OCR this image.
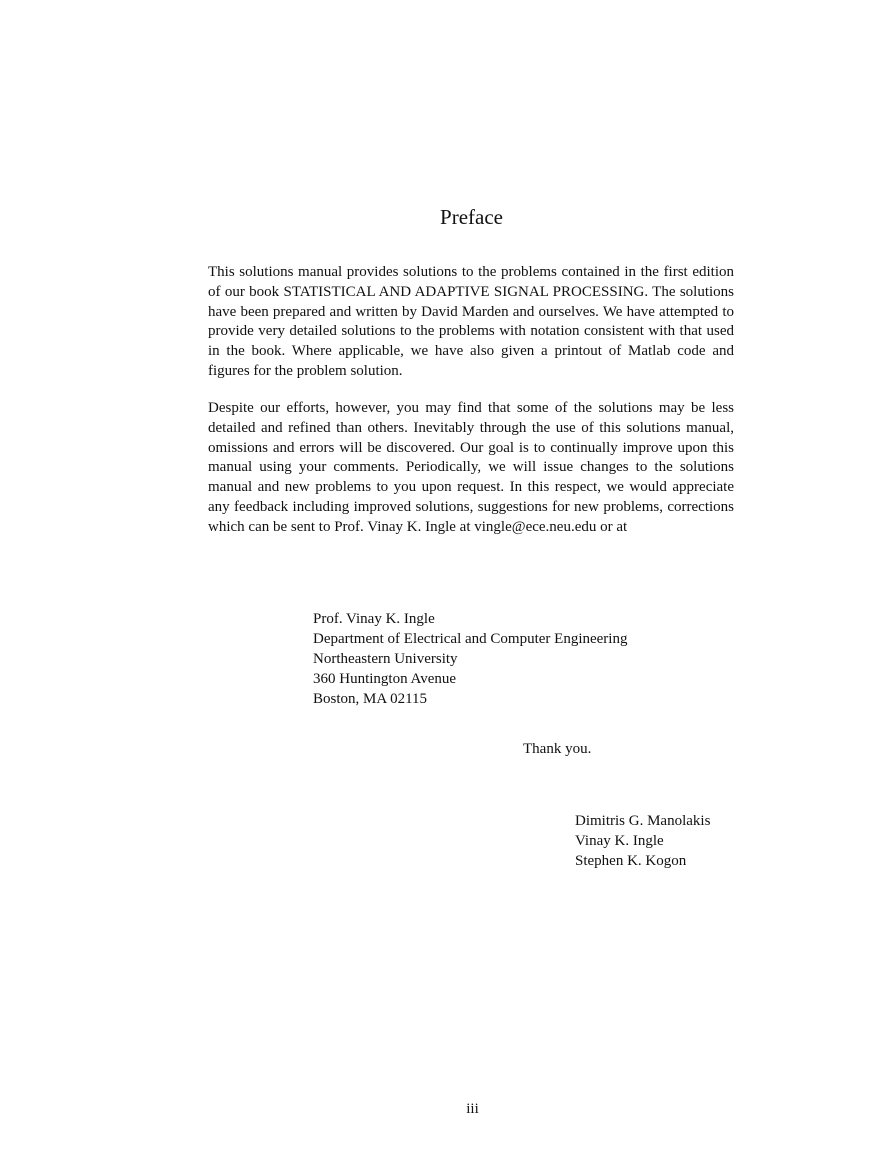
Preface

This solutions manual provides solutions to the problems contained in the first edition of our book STATISTICAL AND ADAPTIVE SIGNAL PROCESSING. The solutions have been prepared and written by David Marden and ourselves. We have attempted to provide very detailed solutions to the problems with notation consistent with that used in the book. Where applicable, we have also given a printout of Matlab code and figures for the problem solution.

Despite our efforts, however, you may find that some of the solutions may be less detailed and refined than others. Inevitably through the use of this solutions manual, omissions and errors will be discovered. Our goal is to continually improve upon this manual using your comments. Periodically, we will issue changes to the solutions manual and new problems to you upon request. In this respect, we would appreciate any feedback including improved solutions, suggestions for new problems, corrections which can be sent to Prof. Vinay K. Ingle at vingle@ece.neu.edu or at

Prof. Vinay K. Ingle
Department of Electrical and Computer Engineering
Northeastern University
360 Huntington Avenue
Boston, MA 02115
Thank you.
Dimitris G. Manolakis
Vinay K. Ingle
Stephen K. Kogon
iii
